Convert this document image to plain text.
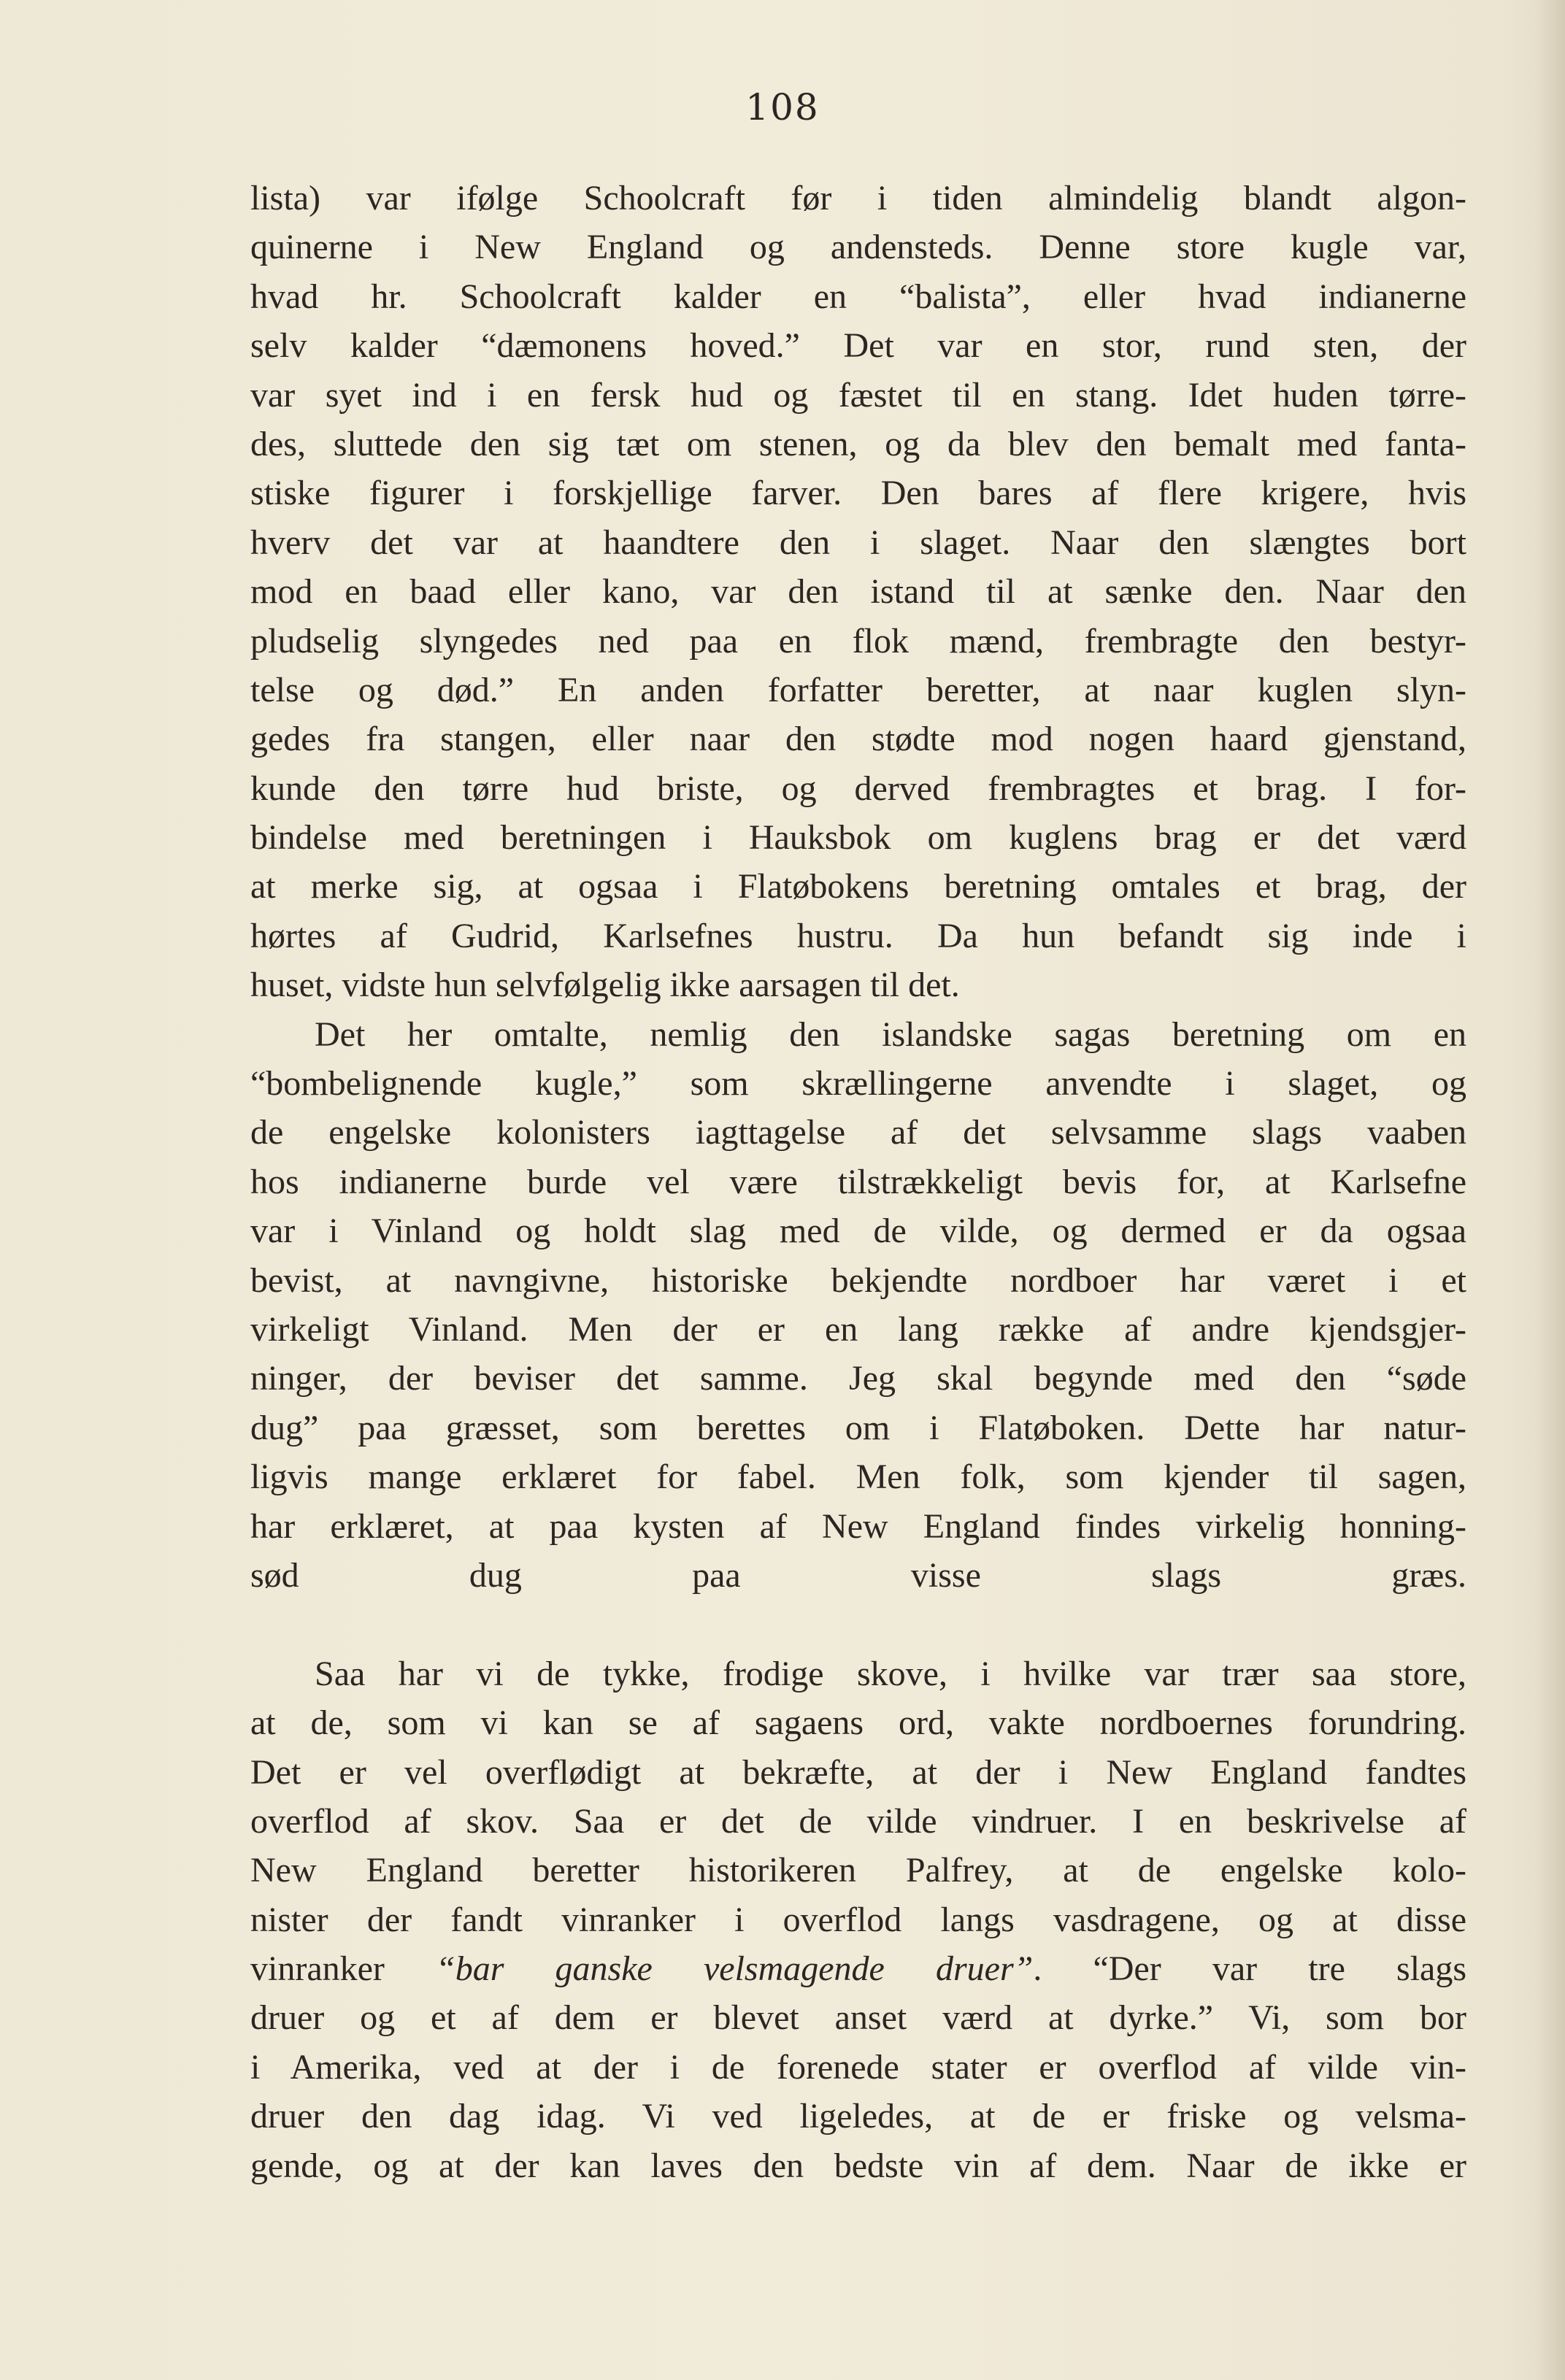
108
lista) var ifølge Schoolcraft før i tiden almindelig blandt algon-
quinerne i New England og andensteds. Denne store kugle var,
hvad hr. Schoolcraft kalder en “balista”, eller hvad indianerne
selv kalder “dæmonens hoved.” Det var en stor, rund sten, der
var syet ind i en fersk hud og fæstet til en stang. Idet huden tørre-
des, sluttede den sig tæt om stenen, og da blev den bemalt med fanta-
stiske figurer i forskjellige farver. Den bares af flere krigere, hvis
hverv det var at haandtere den i slaget. Naar den slængtes bort
mod en baad eller kano, var den istand til at sænke den. Naar den
pludselig slyngedes ned paa en flok mænd, frembragte den bestyr-
telse og død.” En anden forfatter beretter, at naar kuglen slyn-
gedes fra stangen, eller naar den stødte mod nogen haard gjenstand,
kunde den tørre hud briste, og derved frembragtes et brag. I for-
bindelse med beretningen i Hauksbok om kuglens brag er det værd
at merke sig, at ogsaa i Flatøbokens beretning omtales et brag, der
hørtes af Gudrid, Karlsefnes hustru. Da hun befandt sig inde i
huset, vidste hun selvfølgelig ikke aarsagen til det.
Det her omtalte, nemlig den islandske sagas beretning om en
“bombelignende kugle,” som skrællingerne anvendte i slaget, og
de engelske kolonisters iagttagelse af det selvsamme slags vaaben
hos indianerne burde vel være tilstrækkeligt bevis for, at Karlsefne
var i Vinland og holdt slag med de vilde, og dermed er da ogsaa
bevist, at navngivne, historiske bekjendte nordboer har været i et
virkeligt Vinland. Men der er en lang række af andre kjendsgjer-
ninger, der beviser det samme. Jeg skal begynde med den “søde
dug” paa græsset, som berettes om i Flatøboken. Dette har natur-
ligvis mange erklæret for fabel. Men folk, som kjender til sagen,
har erklæret, at paa kysten af New England findes virkelig honning-
sød dug paa visse slags græs.
Saa har vi de tykke, frodige skove, i hvilke var trær saa store,
at de, som vi kan se af sagaens ord, vakte nordboernes forundring.
Det er vel overflødigt at bekræfte, at der i New England fandtes
overflod af skov. Saa er det de vilde vindruer. I en beskrivelse af
New England beretter historikeren Palfrey, at de engelske kolo-
nister der fandt vinranker i overflod langs vasdragene, og at disse
vinranker “bar ganske velsmagende druer”. “Der var tre slags
druer og et af dem er blevet anset værd at dyrke.” Vi, som bor
i Amerika, ved at der i de forenede stater er overflod af vilde vin-
druer den dag idag. Vi ved ligeledes, at de er friske og velsma-
gende, og at der kan laves den bedste vin af dem. Naar de ikke er
